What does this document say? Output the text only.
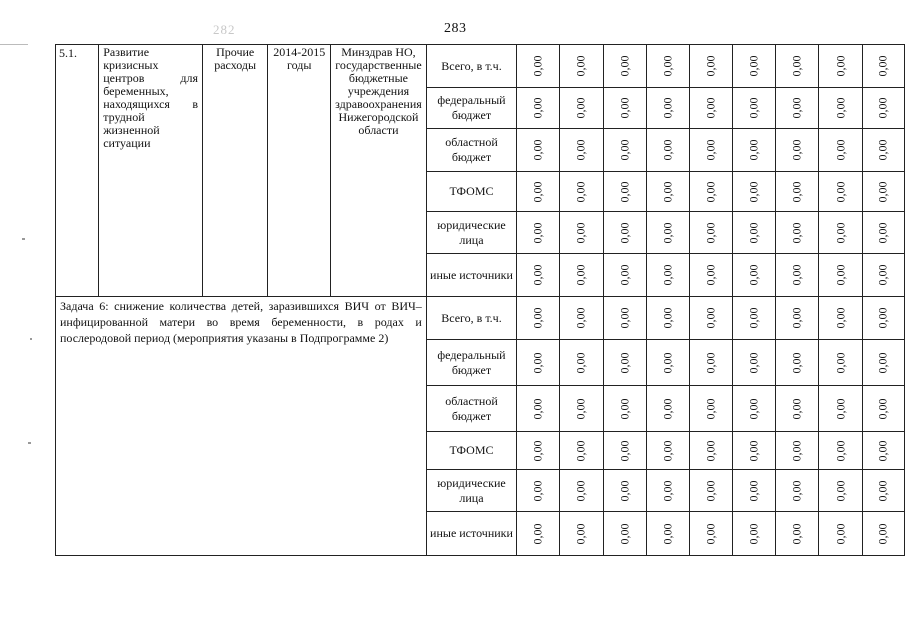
282	283
5.1.	Развитие кризисных центров для беременных, находящихся в трудной жизненной ситуации	Прочие расходы	2014-2015 годы	Минздрав НО, государственные бюджетные учреждения здравоохранения Нижегородской области	Всего, в т.ч.	0,00	0,00	0,00	0,00	0,00	0,00	0,00	0,00	0,00

					федеральный бюджет	0,00	0,00	0,00	0,00	0,00	0,00	0,00	0,00	0,00

					областной бюджет	0,00	0,00	0,00	0,00	0,00	0,00	0,00	0,00	0,00

					ТФОМС	0,00	0,00	0,00	0,00	0,00	0,00	0,00	0,00	0,00

					юридические лица	0,00	0,00	0,00	0,00	0,00	0,00	0,00	0,00	0,00

					иные источники	0,00	0,00	0,00	0,00	0,00	0,00	0,00	0,00	0,00

Задача 6: снижение количества детей, заразившихся ВИЧ от ВИЧ–инфицированной матери во время беременности, в родах и послеродовой период (мероприятия указаны в Подпрограмме 2)					Всего, в т.ч.	0,00	0,00	0,00	0,00	0,00	0,00	0,00	0,00	0,00

					федеральный бюджет	0,00	0,00	0,00	0,00	0,00	0,00	0,00	0,00	0,00

					областной бюджет	0,00	0,00	0,00	0,00	0,00	0,00	0,00	0,00	0,00

					ТФОМС	0,00	0,00	0,00	0,00	0,00	0,00	0,00	0,00	0,00

					юридические лица	0,00	0,00	0,00	0,00	0,00	0,00	0,00	0,00	0,00

					иные источники	0,00	0,00	0,00	0,00	0,00	0,00	0,00	0,00	0,00
